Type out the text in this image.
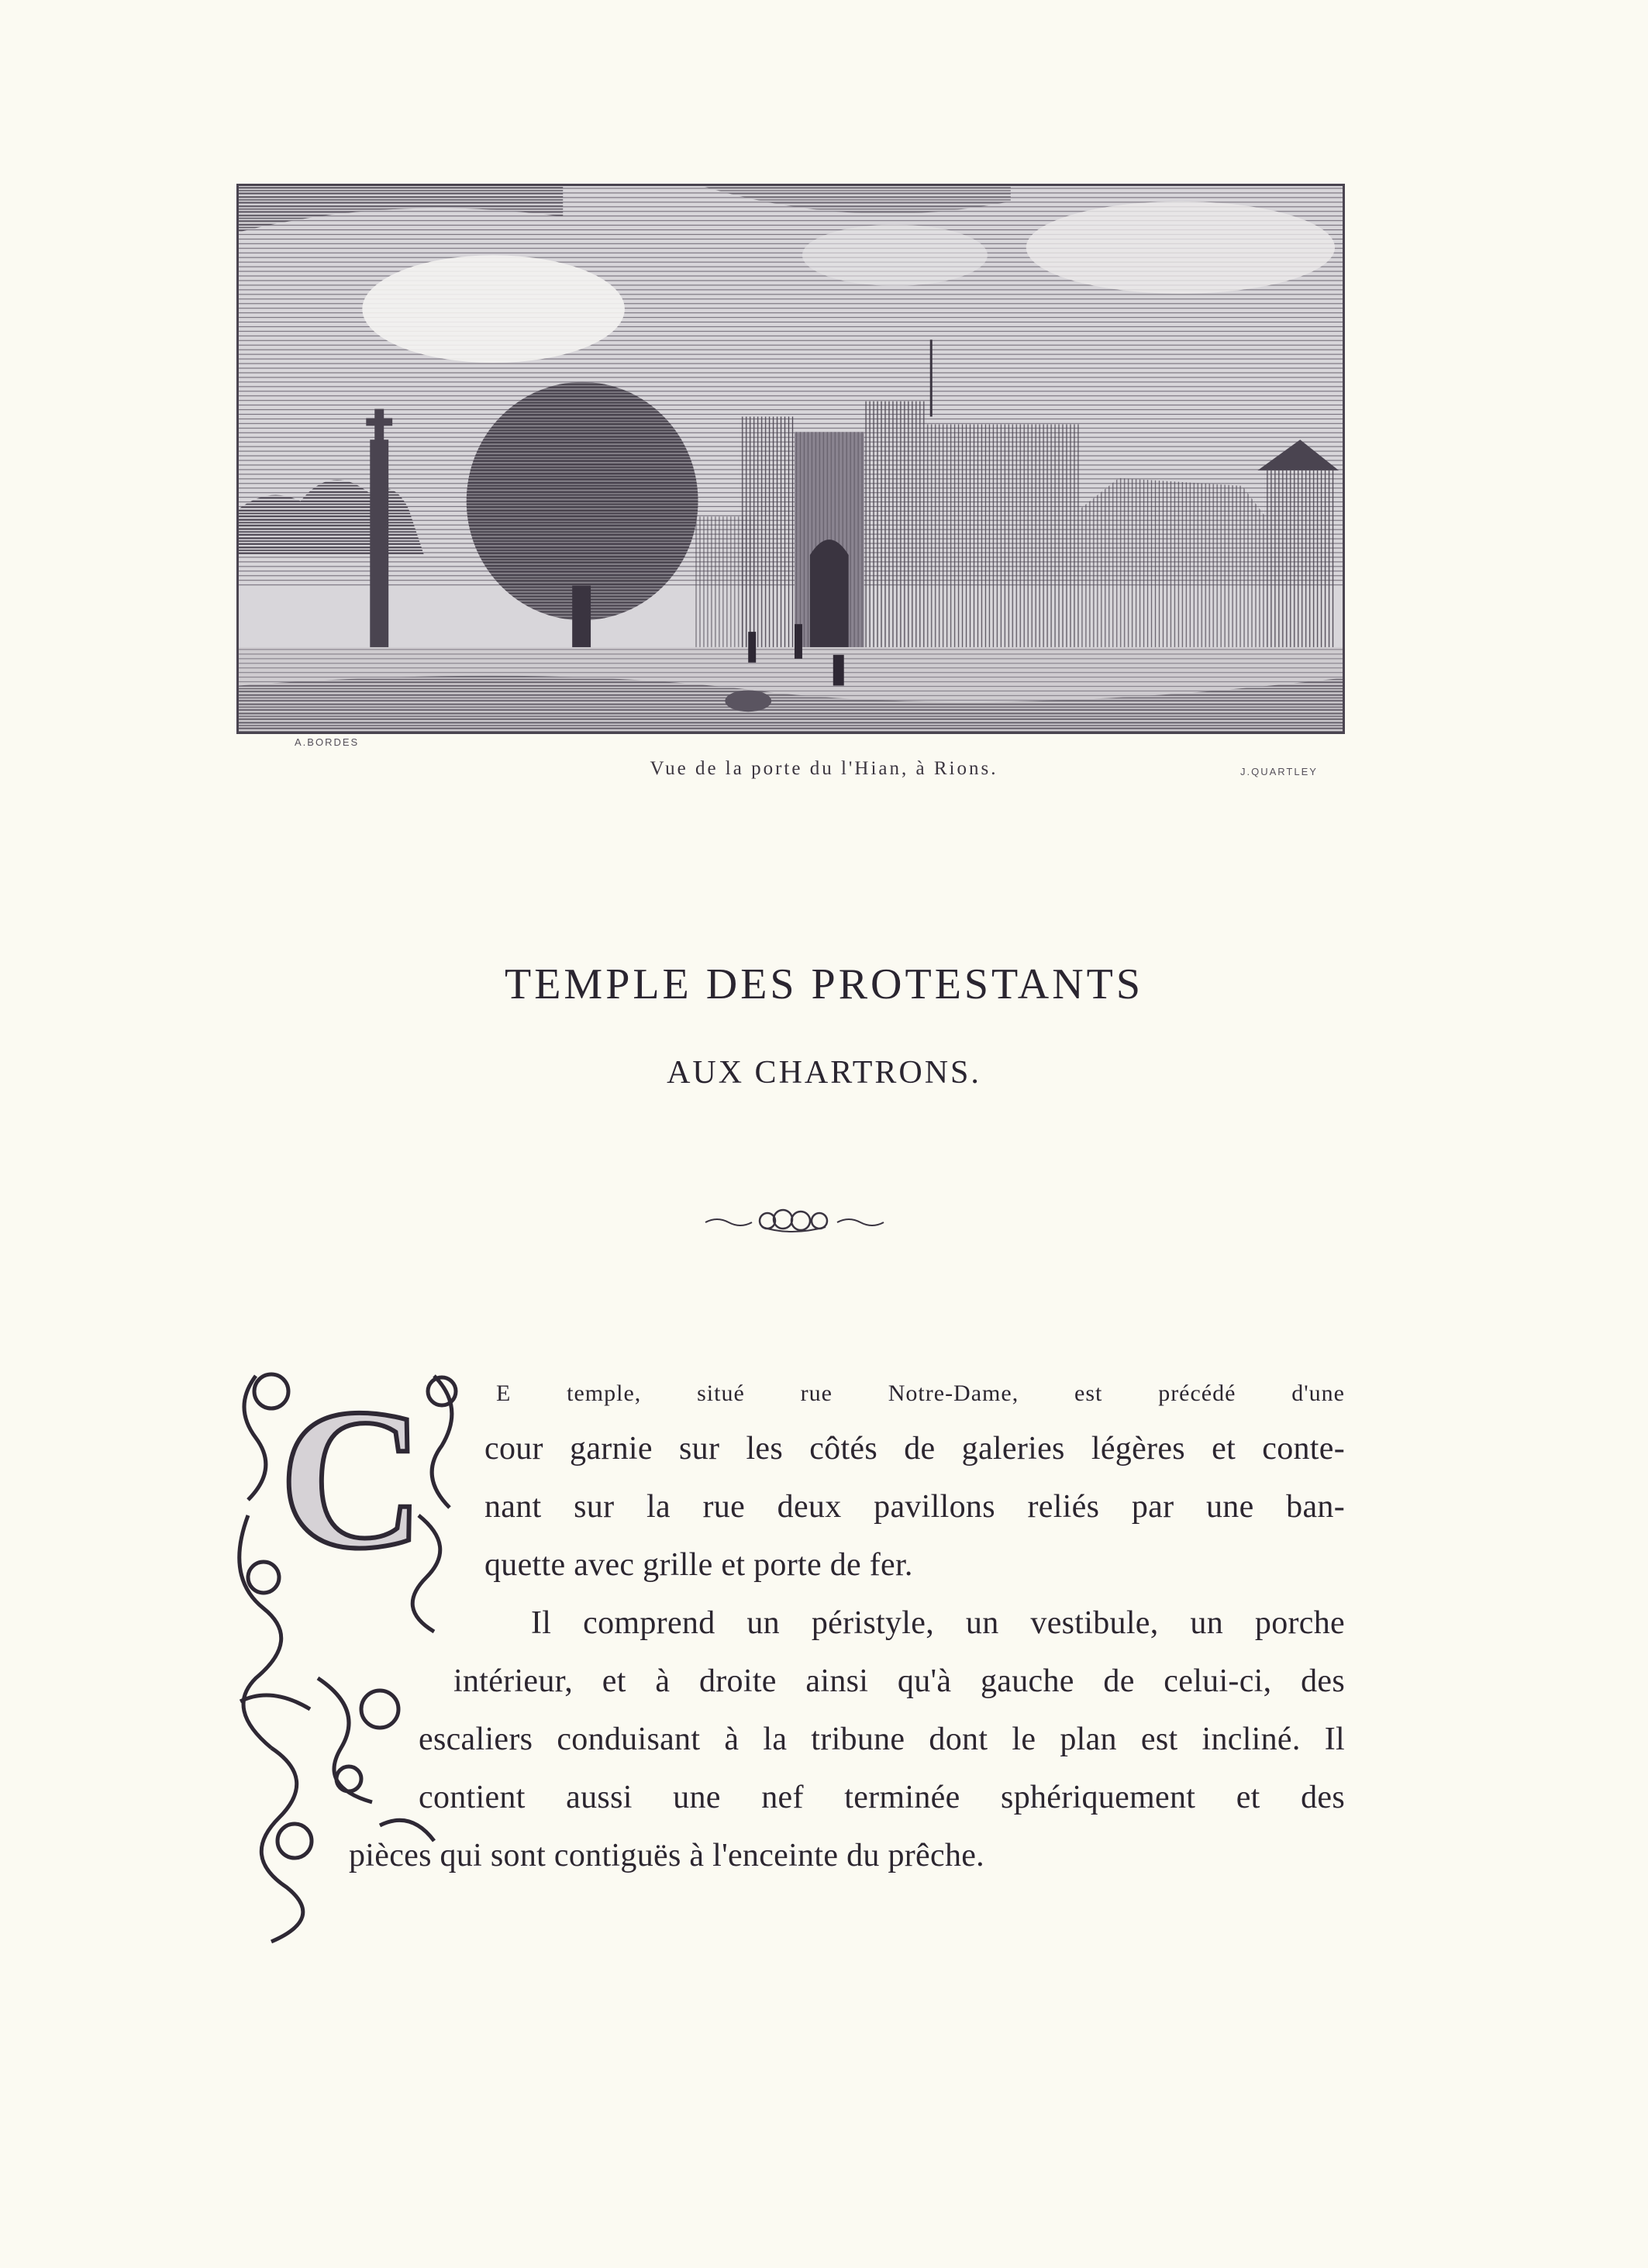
A.BORDES
J.QUARTLEY
Vue de la porte du l'Hian, à Rions.
TEMPLE DES PROTESTANTS
AUX CHARTRONS.
C	E temple, situé rue Notre-Dame, est précédé d'une
cour garnie sur les côtés de galeries légères et conte-
nant sur la rue deux pavillons reliés par une ban-
quette avec grille et porte de fer.
Il comprend un péristyle, un vestibule, un porche
intérieur, et à droite ainsi qu'à gauche de celui-ci, des
escaliers conduisant à la tribune dont le plan est incliné. Il
contient aussi une nef terminée sphériquement et des
pièces qui sont contiguës à l'enceinte du prêche.
